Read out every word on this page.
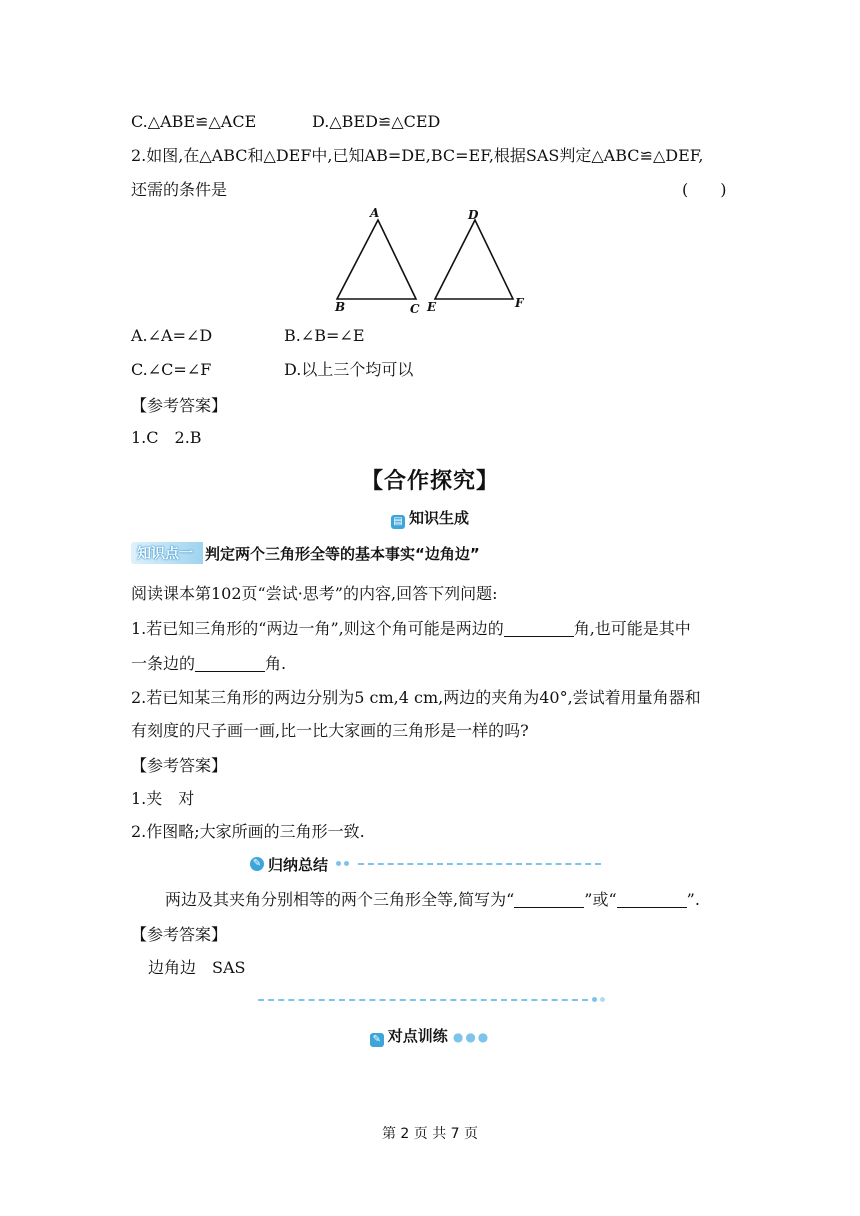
C.△ABE≌△ACE	D.△BED≌△CED
2.如图,在△ABC和△DEF中,已知AB=DE,BC=EF,根据SAS判定△ABC≌△DEF,
还需的条件是	(　　)
A
B	C
D
E	F
A.∠A=∠D	B.∠B=∠E
C.∠C=∠F	D.以上三个均可以
【参考答案】
1.C　2.B
【合作探究】
▤ 知识生成
知识点一 判定两个三角形全等的基本事实“边角边”
阅读课本第102页“尝试·思考”的内容,回答下列问题:
1.若已知三角形的“两边一角”,则这个角可能是两边的	角,也可能是其中
一条边的	角.
2.若已知某三角形的两边分别为5 cm,4 cm,两边的夹角为40°,尝试着用量角器和
有刻度的尺子画一画,比一比大家画的三角形是一样的吗?
【参考答案】
1.夹　对
2.作图略;大家所画的三角形一致.
✎ 归纳总结
两边及其夹角分别相等的两个三角形全等,简写为“	”或“	”.
【参考答案】
边角边　SAS
✎ 对点训练 ●●●
第 2 页 共 7 页
